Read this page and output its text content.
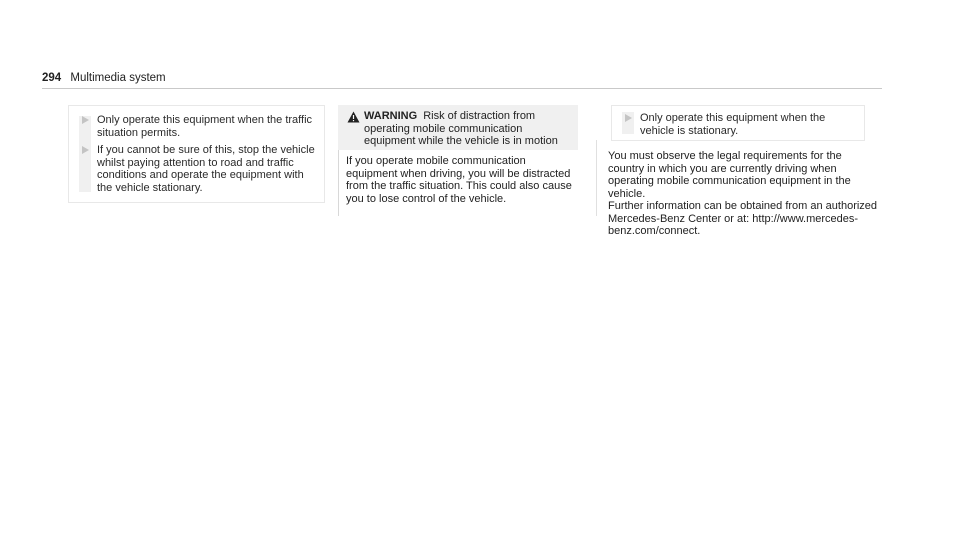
294 Multimedia sy​stem
Only operate this equipment when the traffic situation permits.
If you cannot be sure of this, stop the vehicle whilst paying attention to road and traffic conditions and operate the equipment with the vehicle stationary.
WARNING Risk of distraction from operating mobile communication equipment while the vehicle is in motion
If you operate mobile communication equipment when driving, you will be distracted from the traffic situation. This could also cause you to lose control of the vehicle.
Only operate this equipment when the vehicle is stationary.
You must observe the legal requirements for the country in which you are currently driving when operating mobile communication equipment in the vehicle.
Further information can be obtained from an authorized Mercedes-Benz Center or at: http://www.mercedes-benz.com/connect.
